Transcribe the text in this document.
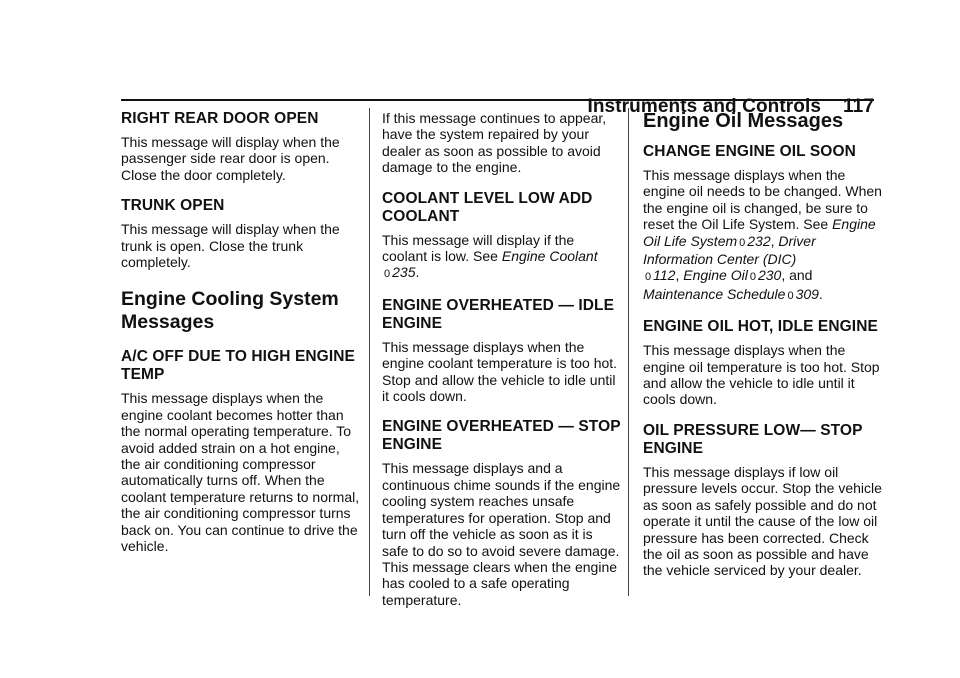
Instruments and Controls 117
RIGHT REAR DOOR OPEN

This message will display when the passenger side rear door is open. Close the door completely.

TRUNK OPEN

This message will display when the trunk is open. Close the trunk completely.

Engine Cooling System Messages
A/C OFF DUE TO HIGH ENGINE TEMP

This message displays when the engine coolant becomes hotter than the normal operating temperature. To avoid added strain on a hot engine, the air conditioning compressor automatically turns off. When the coolant temperature returns to normal, the air conditioning compressor turns back on. You can continue to drive the vehicle.

If this message continues to appear, have the system repaired by your dealer as soon as possible to avoid damage to the engine.

COOLANT LEVEL LOW ADD COOLANT

This message will display if the coolant is low. See Engine Coolant
0 235.

ENGINE OVERHEATED — IDLE ENGINE

This message displays when the engine coolant temperature is too hot. Stop and allow the vehicle to idle until it cools down.

ENGINE OVERHEATED — STOP ENGINE

This message displays and a continuous chime sounds if the engine cooling system reaches unsafe temperatures for operation. Stop and turn off the vehicle as soon as it is safe to do so to avoid severe damage. This message clears when the engine has cooled to a safe operating temperature.

Engine Oil Messages
CHANGE ENGINE OIL SOON

This message displays when the engine oil needs to be changed. When the engine oil is changed, be sure to reset the Oil Life System. See Engine Oil Life System 0 232, Driver Information Center (DIC)
0 112, Engine Oil 0 230, and
Maintenance Schedule 0 309.

ENGINE OIL HOT, IDLE ENGINE

This message displays when the engine oil temperature is too hot. Stop and allow the vehicle to idle until it cools down.

OIL PRESSURE LOW— STOP ENGINE

This message displays if low oil pressure levels occur. Stop the vehicle as soon as safely possible and do not operate it until the cause of the low oil pressure has been corrected. Check the oil as soon as possible and have the vehicle serviced by your dealer.
